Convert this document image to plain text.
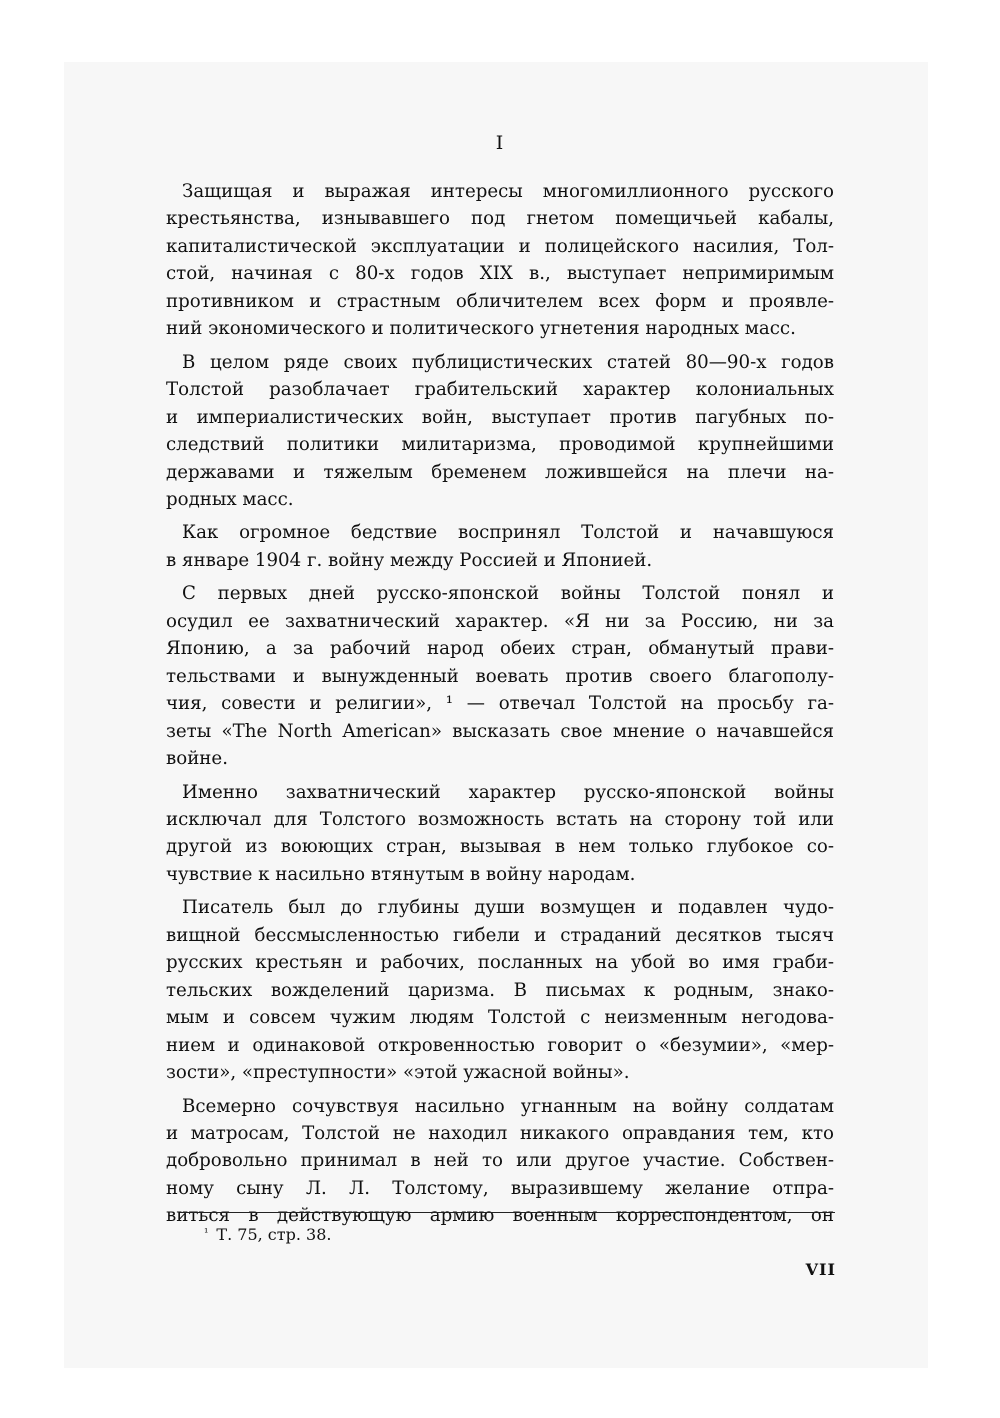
I
Защищая и выражая интересы многомиллионного русского
крестьянства, изнывавшего под гнетом помещичьей кабалы,
капиталистической эксплуатации и полицейского насилия, Тол-
стой, начиная с 80-х годов XIX в., выступает непримиримым
противником и страстным обличителем всех форм и проявле-
ний экономического и политического угнетения народных масс.
В целом ряде своих публицистических статей 80—90-х годов
Толстой разоблачает грабительский характер колониальных
и империалистических войн, выступает против пагубных по-
следствий политики милитаризма, проводимой крупнейшими
державами и тяжелым бременем ложившейся на плечи на-
родных масс.
Как огромное бедствие воспринял Толстой и начавшуюся
в январе 1904 г. войну между Россией и Японией.
С первых дней русско-японской войны Толстой понял и
осудил ее захватнический характер. «Я ни за Россию, ни за
Японию, а за рабочий народ обеих стран, обманутый прави-
тельствами и вынужденный воевать против своего благополу-
чия, совести и религии», ¹ — отвечал Толстой на просьбу га-
зеты «The North American» высказать свое мнение о начавшейся
войне.
Именно захватнический характер русско-японской войны
исключал для Толстого возможность встать на сторону той или
другой из воюющих стран, вызывая в нем только глубокое со-
чувствие к насильно втянутым в войну народам.
Писатель был до глубины души возмущен и подавлен чудо-
вищной бессмысленностью гибели и страданий десятков тысяч
русских крестьян и рабочих, посланных на убой во имя граби-
тельских вожделений царизма. В письмах к родным, знако-
мым и совсем чужим людям Толстой с неизменным негодова-
нием и одинаковой откровенностью говорит о «безумии», «мер-
зости», «преступности» «этой ужасной войны».
Всемерно сочувствуя насильно угнанным на войну солдатам
и матросам, Толстой не находил никакого оправдания тем, кто
добровольно принимал в ней то или другое участие. Собствен-
ному сыну Л. Л. Толстому, выразившему желание отпра-
виться в действующую армию военным корреспондентом, он
$^{^1}$ Т. 75, стр. 38.
VII
